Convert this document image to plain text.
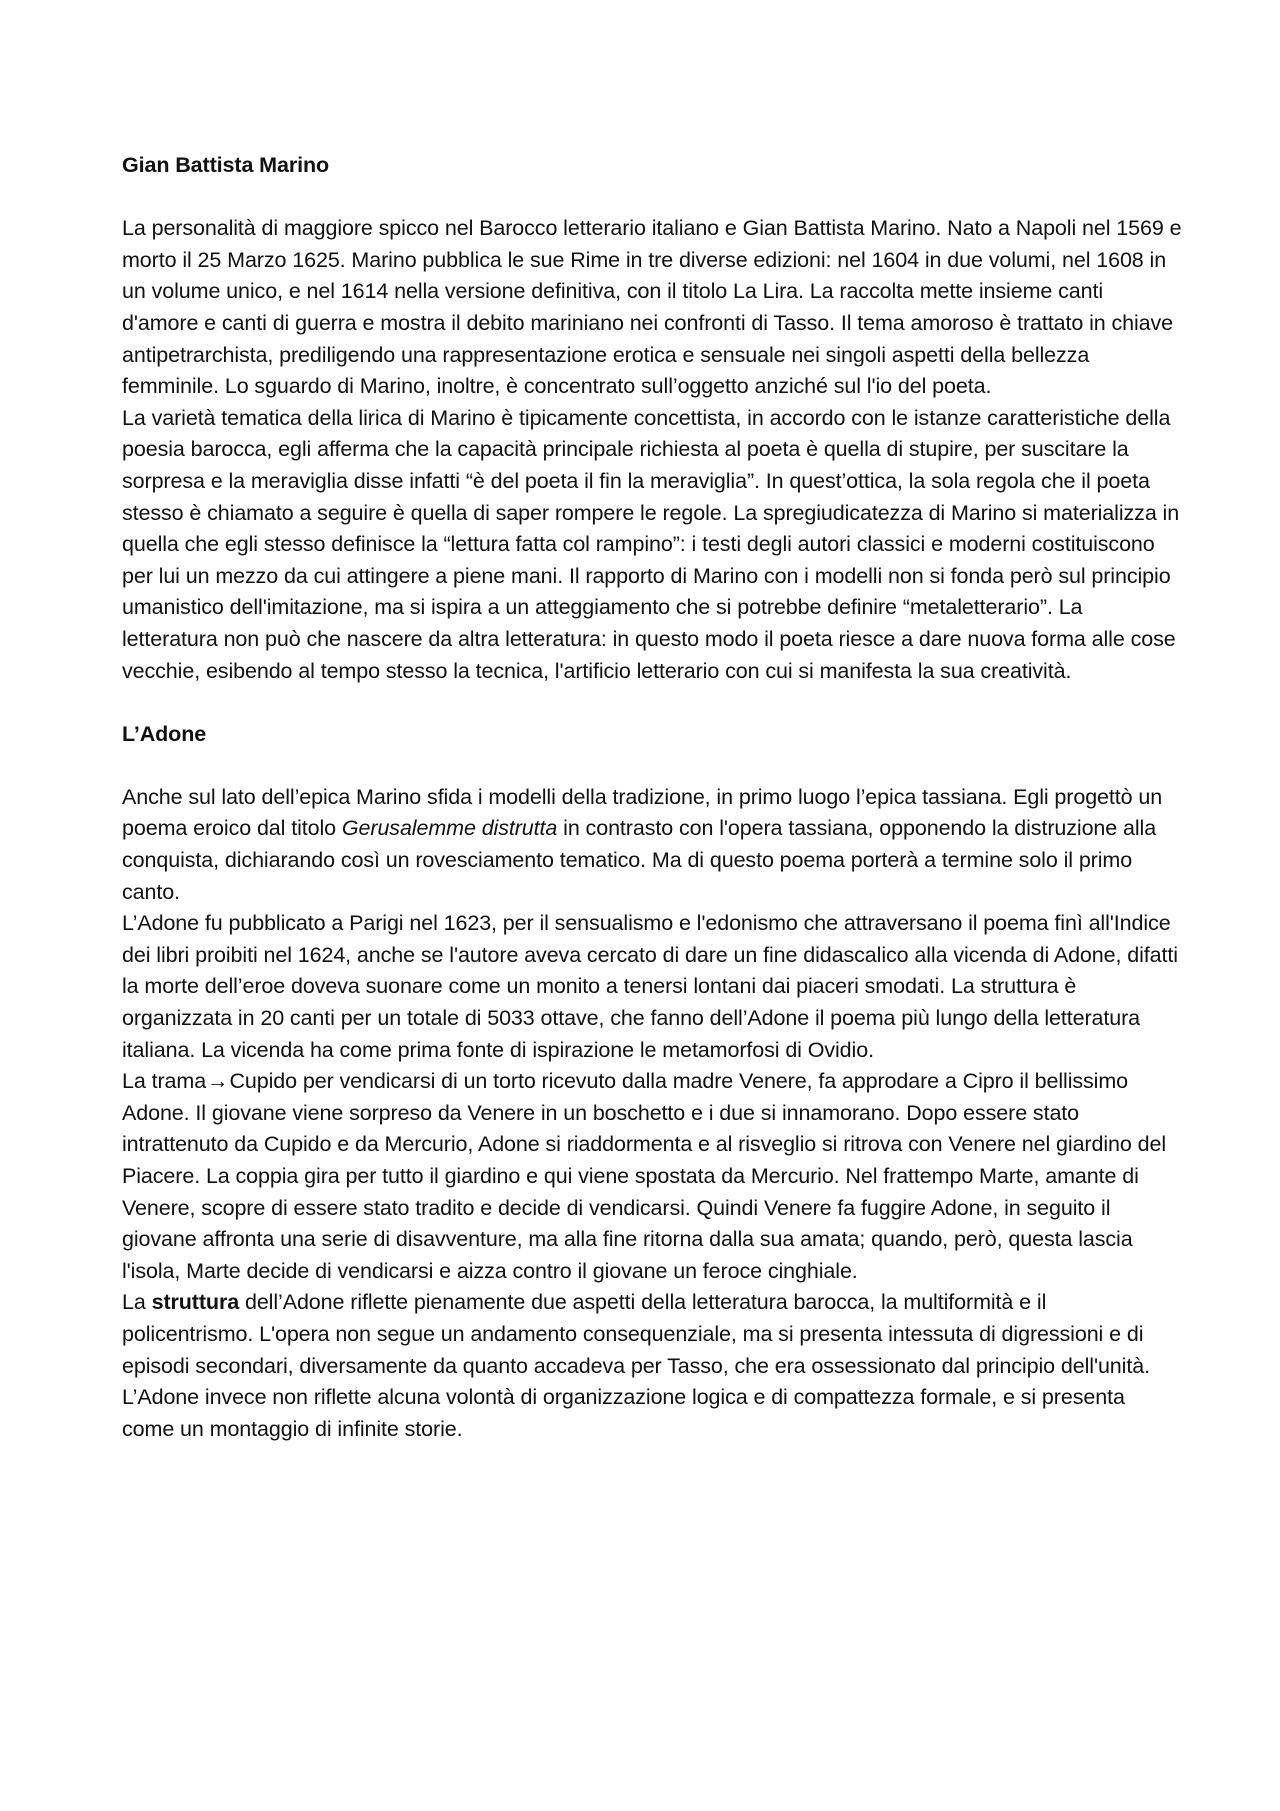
Gian Battista Marino

La personalità di maggiore spicco nel Barocco letterario italiano e Gian Battista Marino. Nato a Napoli nel 1569 e morto il 25 Marzo 1625. Marino pubblica le sue Rime in tre diverse edizioni: nel 1604 in due volumi, nel 1608 in un volume unico, e nel 1614 nella versione definitiva, con il titolo La Lira. La raccolta mette insieme canti d'amore e canti di guerra e mostra il debito mariniano nei confronti di Tasso. Il tema amoroso è trattato in chiave antipetrarchista, prediligendo una rappresentazione erotica e sensuale nei singoli aspetti della bellezza femminile. Lo sguardo di Marino, inoltre, è concentrato sull’oggetto anziché sul l'io del poeta.

La varietà tematica della lirica di Marino è tipicamente concettista, in accordo con le istanze caratteristiche della poesia barocca, egli afferma che la capacità principale richiesta al poeta è quella di stupire, per suscitare la sorpresa e la meraviglia disse infatti “è del poeta il fin la meraviglia”. In quest’ottica, la sola regola che il poeta stesso è chiamato a seguire è quella di saper rompere le regole. La spregiudicatezza di Marino si materializza in quella che egli stesso definisce la “lettura fatta col rampino”: i testi degli autori classici e moderni costituiscono per lui un mezzo da cui attingere a piene mani. Il rapporto di Marino con i modelli non si fonda però sul principio umanistico dell'imitazione, ma si ispira a un atteggiamento che si potrebbe definire “metaletterario”. La letteratura non può che nascere da altra letteratura: in questo modo il poeta riesce a dare nuova forma alle cose vecchie, esibendo al tempo stesso la tecnica, l'artificio letterario con cui si manifesta la sua creatività.

L’Adone

Anche sul lato dell’epica Marino sfida i modelli della tradizione, in primo luogo l’epica tassiana. Egli progettò un poema eroico dal titolo Gerusalemme distrutta in contrasto con l'opera tassiana, opponendo la distruzione alla conquista, dichiarando così un rovesciamento tematico. Ma di questo poema porterà a termine solo il primo canto.

L’Adone fu pubblicato a Parigi nel 1623, per il sensualismo e l'edonismo che attraversano il poema finì all'Indice dei libri proibiti nel 1624, anche se l'autore aveva cercato di dare un fine didascalico alla vicenda di Adone, difatti la morte dell’eroe doveva suonare come un monito a tenersi lontani dai piaceri smodati. La struttura è organizzata in 20 canti per un totale di 5033 ottave, che fanno dell’Adone il poema più lungo della letteratura italiana. La vicenda ha come prima fonte di ispirazione le metamorfosi di Ovidio.

La trama→Cupido per vendicarsi di un torto ricevuto dalla madre Venere, fa approdare a Cipro il bellissimo Adone. Il giovane viene sorpreso da Venere in un boschetto e i due si innamorano. Dopo essere stato intrattenuto da Cupido e da Mercurio, Adone si riaddormenta e al risveglio si ritrova con Venere nel giardino del Piacere. La coppia gira per tutto il giardino e qui viene spostata da Mercurio. Nel frattempo Marte, amante di Venere, scopre di essere stato tradito e decide di vendicarsi. Quindi Venere fa fuggire Adone, in seguito il giovane affronta una serie di disavventure, ma alla fine ritorna dalla sua amata; quando, però, questa lascia l'isola, Marte decide di vendicarsi e aizza contro il giovane un feroce cinghiale.

La struttura dell’Adone riflette pienamente due aspetti della letteratura barocca, la multiformità e il policentrismo. L'opera non segue un andamento consequenziale, ma si presenta intessuta di digressioni e di episodi secondari, diversamente da quanto accadeva per Tasso, che era ossessionato dal principio dell'unità. L’Adone invece non riflette alcuna volontà di organizzazione logica e di compattezza formale, e si presenta come un montaggio di infinite storie.
